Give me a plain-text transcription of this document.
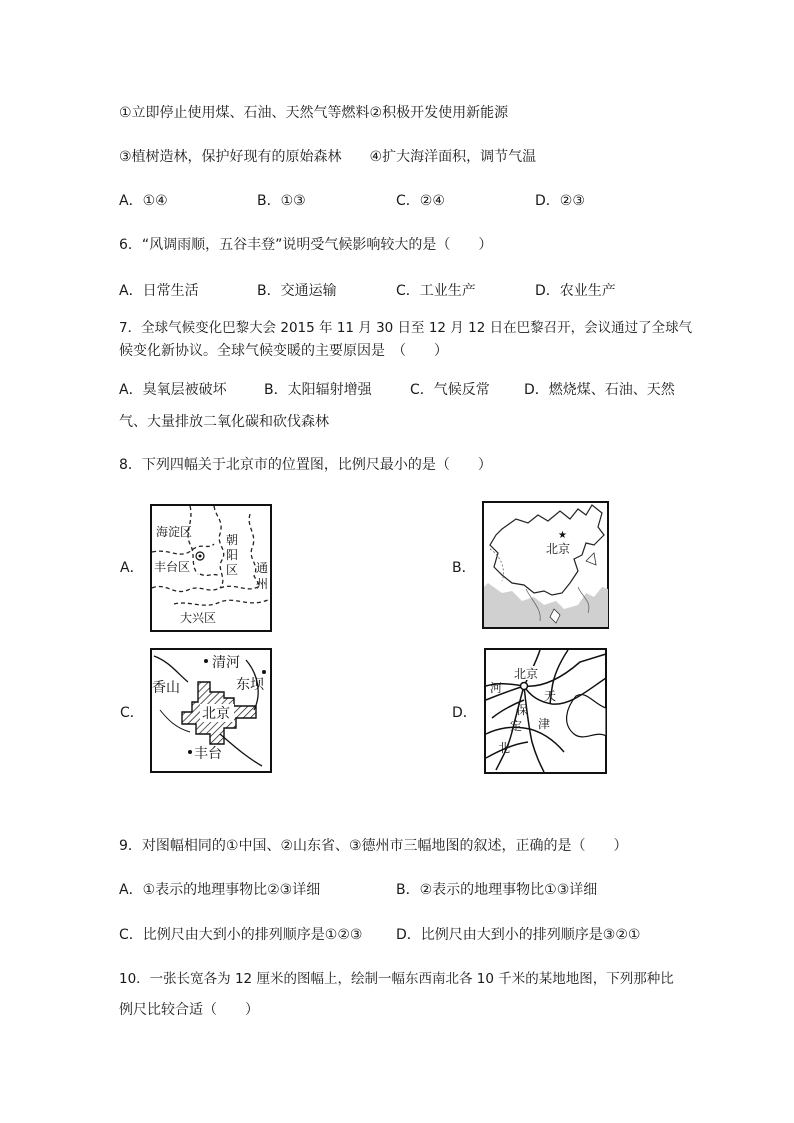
①立即停止使用煤、石油、天然气等燃料②积极开发使用新能源
③植树造林，保护好现有的原始森林　　④扩大海洋面积，调节气温
A．①④	B．①③	C．②④	D．②③
6．“风调雨顺，五谷丰登”说明受气候影响较大的是（　　）
A．日常生活	B．交通运输	C．工业生产	D．农业生产
7．全球气候变化巴黎大会 2015 年 11 月 30 日至 12 月 12 日在巴黎召开，会议通过了全球气
候变化新协议。全球气候变暖的主要原因是　（　　）
A．臭氧层被破坏	B．太阳辐射增强	C．气候反常 D．燃烧煤、石油、天然
气、大量排放二氧化碳和砍伐森林
8．下列四幅关于北京市的位置图，比例尺最小的是（　　）
A．	B．
C．	D．
海淀区
丰台区
朝
阳
区 通
州
大兴区
★
北京
清河
香山	东坝
北京
丰台
北京
河
天
保
定 津
北
9．对图幅相同的①中国、②山东省、③德州市三幅地图的叙述，正确的是（　　）
A．①表示的地理事物比②③详细	B．②表示的地理事物比①③详细
C．比例尺由大到小的排列顺序是①②③ D．比例尺由大到小的排列顺序是③②①
10．一张长宽各为 12 厘米的图幅上，绘制一幅东西南北各 10 千米的某地地图，下列那种比
例尺比较合适（　　）
